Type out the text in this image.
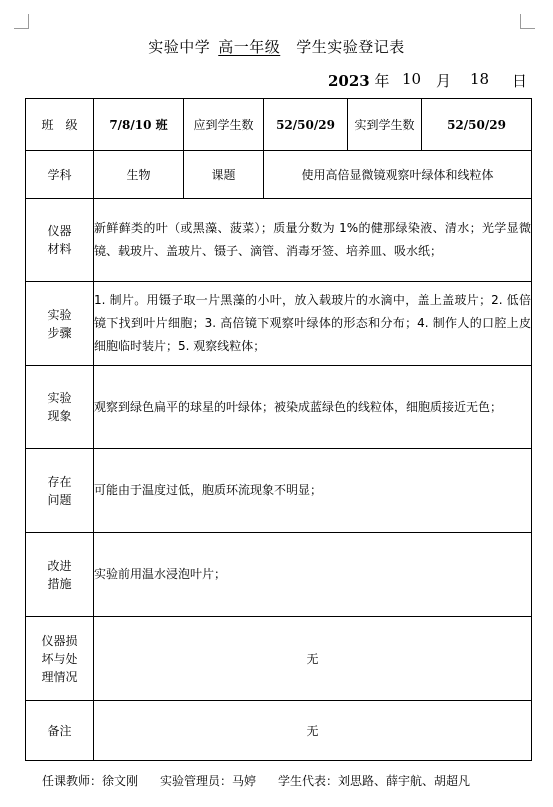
实验中学 高一年级 学生实验登记表
2023 年 10 月 18 日
班　级	7/8/10 班	应到学生数	52/50/29	实到学生数	52/50/29
学科	生物	课题	使用高倍显微镜观察叶绿体和线粒体		

仪器
材料	新鲜藓类的叶（或黑藻、菠菜）；质量分数为 1%的健那绿染液、清水；光学显微镜、载玻片、盖玻片、镊子、滴管、消毒牙签、培养皿、吸水纸；				

实验
步骤	1. 制片。用镊子取一片黑藻的小叶，放入载玻片的水滴中，盖上盖玻片；2. 低倍镜下找到叶片细胞；3. 高倍镜下观察叶绿体的形态和分布；4. 制作人的口腔上皮细胞临时装片；5. 观察线粒体；				

实验
现象	观察到绿色扁平的球星的叶绿体；被染成蓝绿色的线粒体，细胞质接近无色；				

存在
问题	可能由于温度过低，胞质环流现象不明显；				

改进
措施	实验前用温水浸泡叶片；				

仪器损
坏与处
理情况	无				
备注	无				
任课教师：徐文刚 实验管理员：马婷 学生代表：刘思路、薛宇航、胡超凡
